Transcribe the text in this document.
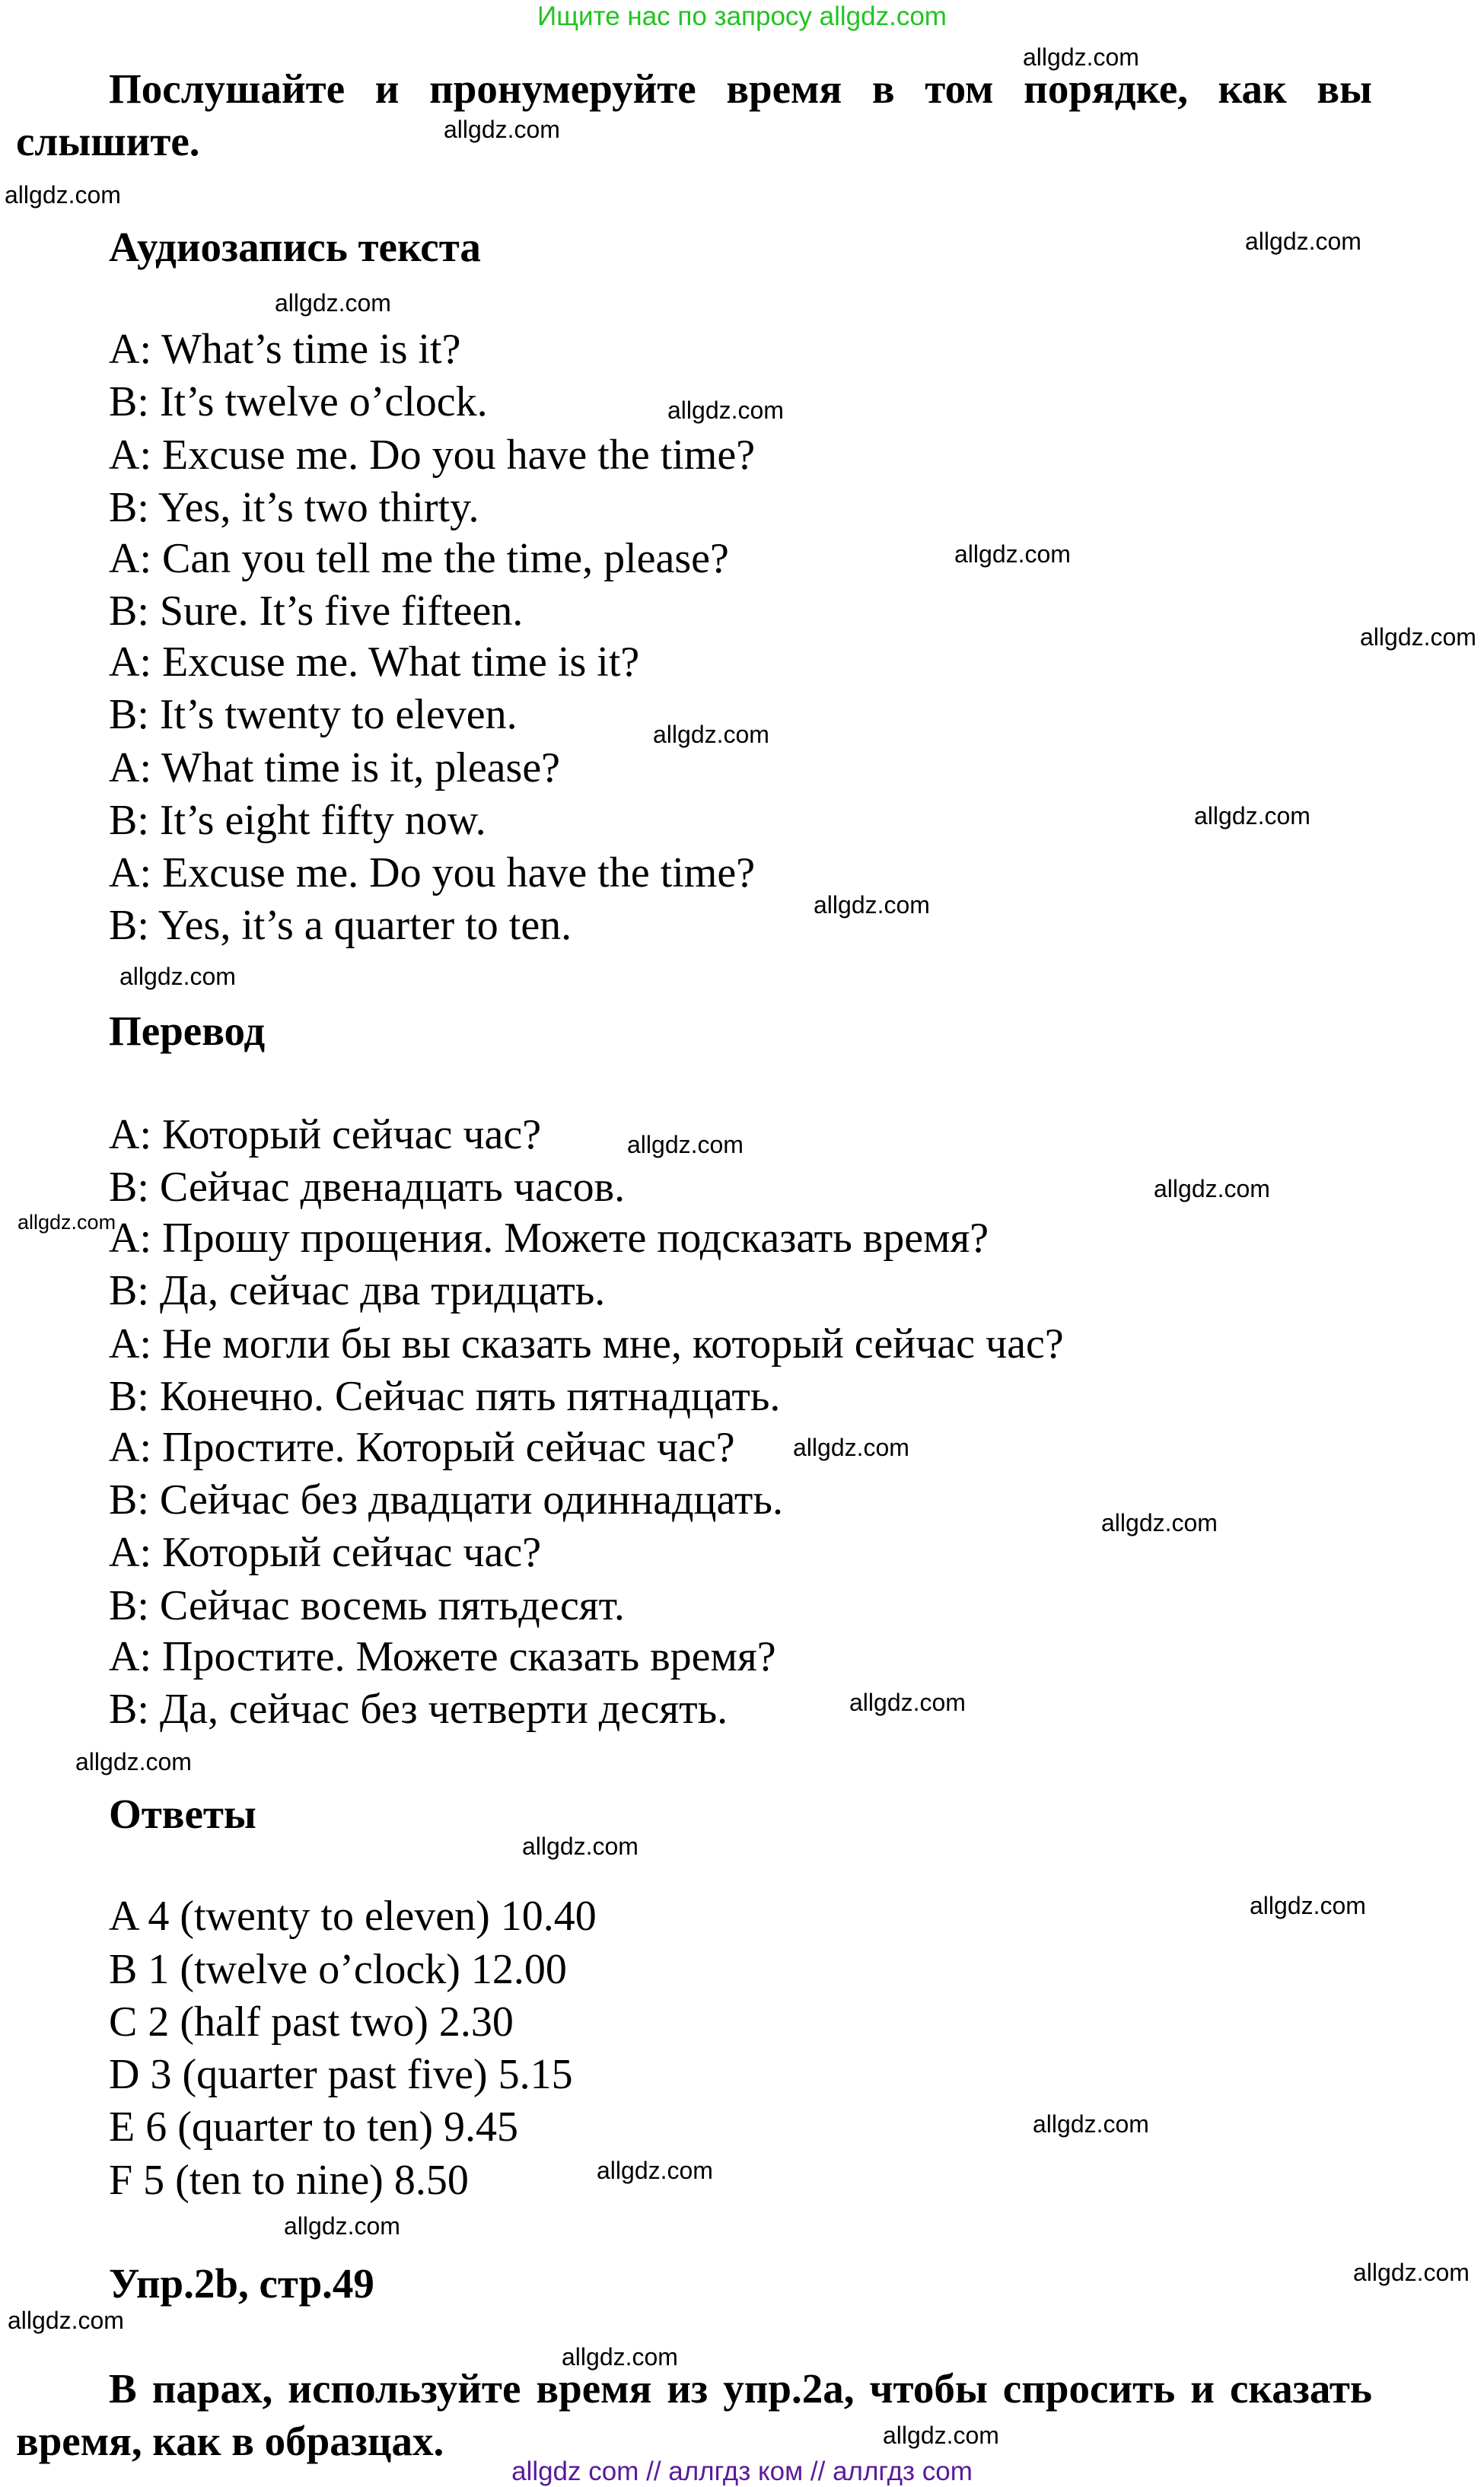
Ищите нас по запросу allgdz.com
Послушайте и пронумеруйте время в том порядке, как вы слышите.
Аудиозапись текста
A: What’s time is it?
B: It’s twelve o’clock.
A: Excuse me. Do you have the time?
B: Yes, it’s two thirty.
A: Can you tell me the time, please?
B: Sure. It’s five fifteen.
A: Excuse me. What time is it?
B: It’s twenty to eleven.
A: What time is it, please?
B: It’s eight fifty now.
A: Excuse me. Do you have the time?
B: Yes, it’s a quarter to ten.
Перевод
А: Который сейчас час?
В: Сейчас двенадцать часов.
А: Прошу прощения. Можете подсказать время?
В: Да, сейчас два тридцать.
А: Не могли бы вы сказать мне, который сейчас час?
В: Конечно. Сейчас пять пятнадцать.
А: Простите. Который сейчас час?
В: Сейчас без двадцати одиннадцать.
А: Который сейчас час?
В: Сейчас восемь пятьдесят.
А: Простите. Можете сказать время?
В: Да, сейчас без четверти десять.
Ответы
A 4 (twenty to eleven) 10.40
B 1 (twelve o’clock) 12.00
C 2 (half past two) 2.30
D 3 (quarter past five) 5.15
E 6 (quarter to ten) 9.45
F 5 (ten to nine) 8.50
Упр.2b, стр.49
В парах, используйте время из упр.2а, чтобы спросить и сказать время, как в образцах.
allgdz.com
allgdz.com
allgdz.com
allgdz.com
allgdz.com
allgdz.com
allgdz.com
allgdz.com
allgdz.com
allgdz.com
allgdz.com
allgdz.com
allgdz.com
allgdz.com
allgdz.com
allgdz.com
allgdz.com
allgdz.com
allgdz.com
allgdz.com
allgdz.com
allgdz.com
allgdz.com
allgdz.com
allgdz.com
allgdz.com
allgdz.com
allgdz.com
allgdz com // аллгдз ком // аллгдз com
